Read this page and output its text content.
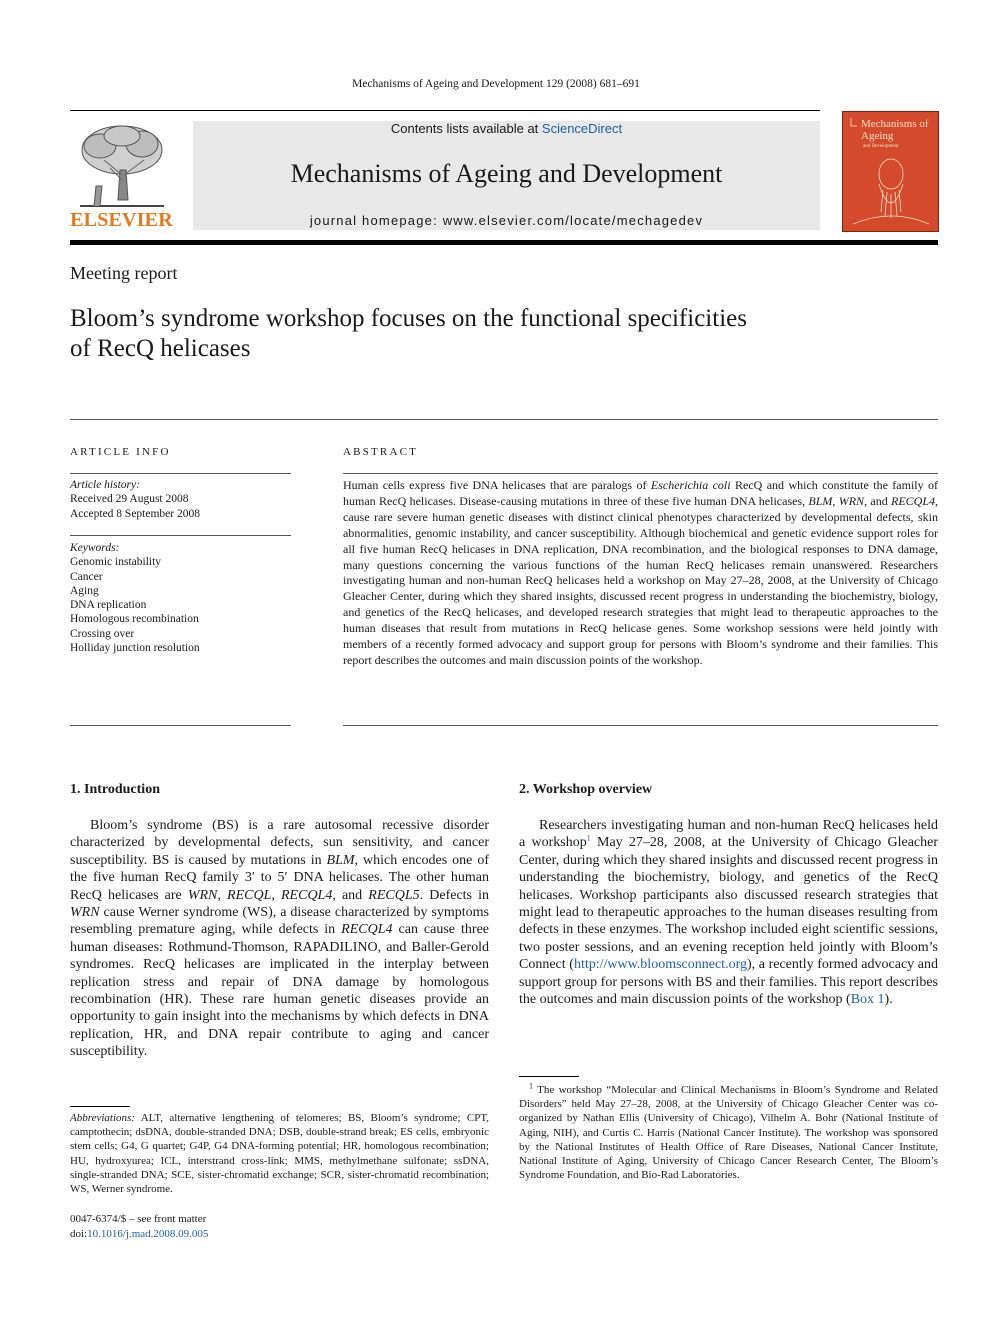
Mechanisms of Ageing and Development 129 (2008) 681–691
ELSEVIER
Contents lists available at ScienceDirect
Mechanisms of Ageing and Development
journal homepage: www.elsevier.com/locate/mechagedev
Mechanisms of Ageing
and Development
Meeting report
Bloom’s syndrome workshop focuses on the functional specificities
of RecQ helicases
ARTICLE INFO
Article history:
Received 29 August 2008
Accepted 8 September 2008
Keywords:
Genomic instability
Cancer
Aging
DNA replication
Homologous recombination
Crossing over
Holliday junction resolution
ABSTRACT
Human cells express five DNA helicases that are paralogs of Escherichia coli RecQ and which constitute the family of human RecQ helicases. Disease-causing mutations in three of these five human DNA helicases, BLM, WRN, and RECQL4, cause rare severe human genetic diseases with distinct clinical phenotypes characterized by developmental defects, skin abnormalities, genomic instability, and cancer susceptibility. Although biochemical and genetic evidence support roles for all five human RecQ helicases in DNA replication, DNA recombination, and the biological responses to DNA damage, many questions concerning the various functions of the human RecQ helicases remain unanswered. Researchers investigating human and non-human RecQ helicases held a workshop on May 27–28, 2008, at the University of Chicago Gleacher Center, during which they shared insights, discussed recent progress in understanding the biochemistry, biology, and genetics of the RecQ helicases, and developed research strategies that might lead to therapeutic approaches to the human diseases that result from mutations in RecQ helicase genes. Some workshop sessions were held jointly with members of a recently formed advocacy and support group for persons with Bloom’s syndrome and their families. This report describes the outcomes and main discussion points of the workshop.
1. Introduction

Bloom’s syndrome (BS) is a rare autosomal recessive disorder characterized by developmental defects, sun sensitivity, and cancer susceptibility. BS is caused by mutations in BLM, which encodes one of the five human RecQ family 3′ to 5′ DNA helicases. The other human RecQ helicases are WRN, RECQL, RECQL4, and RECQL5. Defects in WRN cause Werner syndrome (WS), a disease characterized by symptoms resembling premature aging, while defects in RECQL4 can cause three human diseases: Rothmund-Thomson, RAPADILINO, and Baller-Gerold syndromes. RecQ helicases are implicated in the interplay between replication stress and repair of DNA damage by homologous recombination (HR). These rare human genetic diseases provide an opportunity to gain insight into the mechanisms by which defects in DNA replication, HR, and DNA repair contribute to aging and cancer susceptibility.

Abbreviations: ALT, alternative lengthening of telomeres; BS, Bloom’s syndrome; CPT, camptothecin; dsDNA, double-stranded DNA; DSB, double-strand break; ES cells, embryonic stem cells; G4, G quartet; G4P, G4 DNA-forming potential; HR, homologous recombination; HU, hydroxyurea; ICL, interstrand cross-link; MMS, methylmethane sulfonate; ssDNA, single-stranded DNA; SCE, sister-chromatid exchange; SCR, sister-chromatid recombination; WS, Werner syndrome.
0047-6374/$ – see front matter
doi:10.1016/j.mad.2008.09.005
2. Workshop overview

Researchers investigating human and non-human RecQ helicases held a workshop$^1$ May 27–28, 2008, at the University of Chicago Gleacher Center, during which they shared insights and discussed recent progress in understanding the biochemistry, biology, and genetics of the RecQ helicases. Workshop participants also discussed research strategies that might lead to therapeutic approaches to the human diseases resulting from defects in these enzymes. The workshop included eight scientific sessions, two poster sessions, and an evening reception held jointly with Bloom’s Connect (http://www.bloomsconnect.org), a recently formed advocacy and support group for persons with BS and their families. This report describes the outcomes and main discussion points of the workshop (Box 1).

$^1$ The workshop “Molecular and Clinical Mechanisms in Bloom’s Syndrome and Related Disorders” held May 27–28, 2008, at the University of Chicago Gleacher Center was co-organized by Nathan Ellis (University of Chicago), Vilhelm A. Bohr (National Institute of Aging, NIH), and Curtis C. Harris (National Cancer Institute). The workshop was sponsored by the National Institutes of Health Office of Rare Diseases, National Cancer Institute, National Institute of Aging, University of Chicago Cancer Research Center, The Bloom’s Syndrome Foundation, and Bio-Rad Laboratories.
